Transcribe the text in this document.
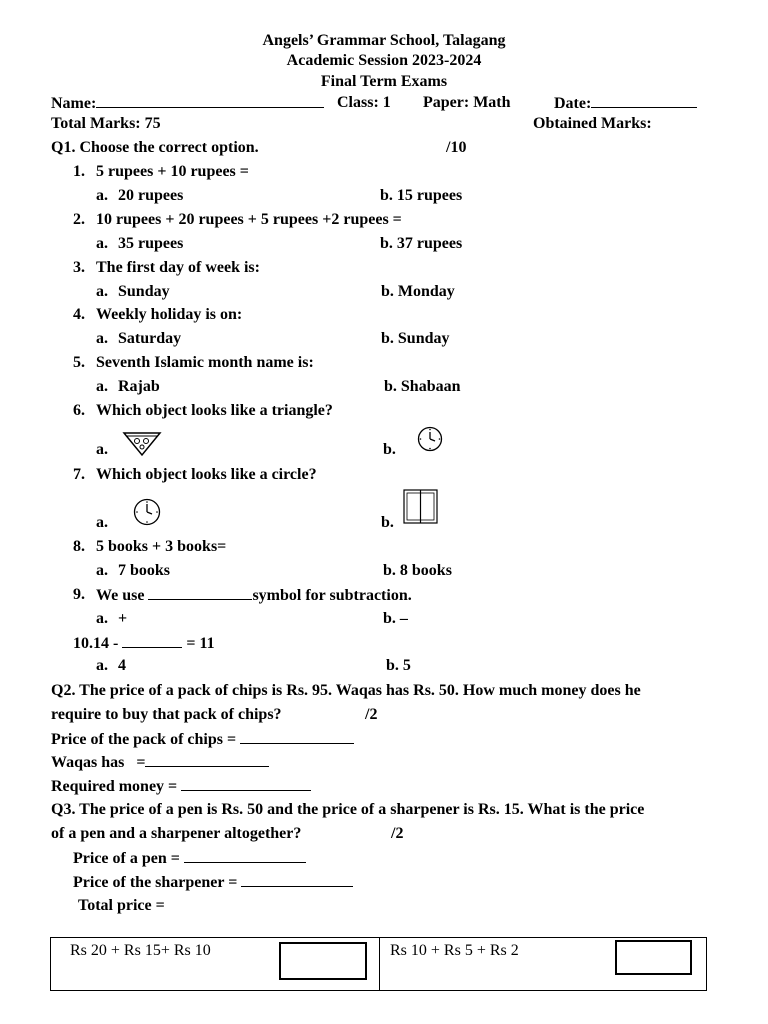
Angels’ Grammar School, Talagang
Academic Session 2023-2024
Final Term Exams
Name:	Class: 1 Paper: Math	Date:
Total Marks: 75	Obtained Marks:
Q1. Choose the correct option.	/10
1. 5 rupees + 10 rupees =
a. 20 rupees	b. 15 rupees
2. 10 rupees + 20 rupees + 5 rupees +2 rupees =
a. 35 rupees	b. 37 rupees
3. The first day of week is:
a. Sunday	b. Monday
4. Weekly holiday is on:
a. Saturday	b. Sunday
5. Seventh Islamic month name is:
a. Rajab	b. Shabaan
6. Which object looks like a triangle?
a.	b.
7. Which object looks like a circle?
a.	b.
8. 5 books + 3 books=
a. 7 books	b. 8 books
9. We use	symbol for subtraction.
a. +	b. –
10.14 -	= 11
a. 4	b. 5
Q2. The price of a pack of chips is Rs. 95. Waqas has Rs. 50. How much money does he
require to buy that pack of chips?	/2
Price of the pack of chips =
Waqas has   =
Required money =
Q3. The price of a pen is Rs. 50 and the price of a sharpener is Rs. 15. What is the price
of a pen and a sharpener altogether?	/2
Price of a pen =
Price of the sharpener =
Total price =
Rs 20 + Rs 15+ Rs 10	Rs 10 + Rs 5 + Rs 2
